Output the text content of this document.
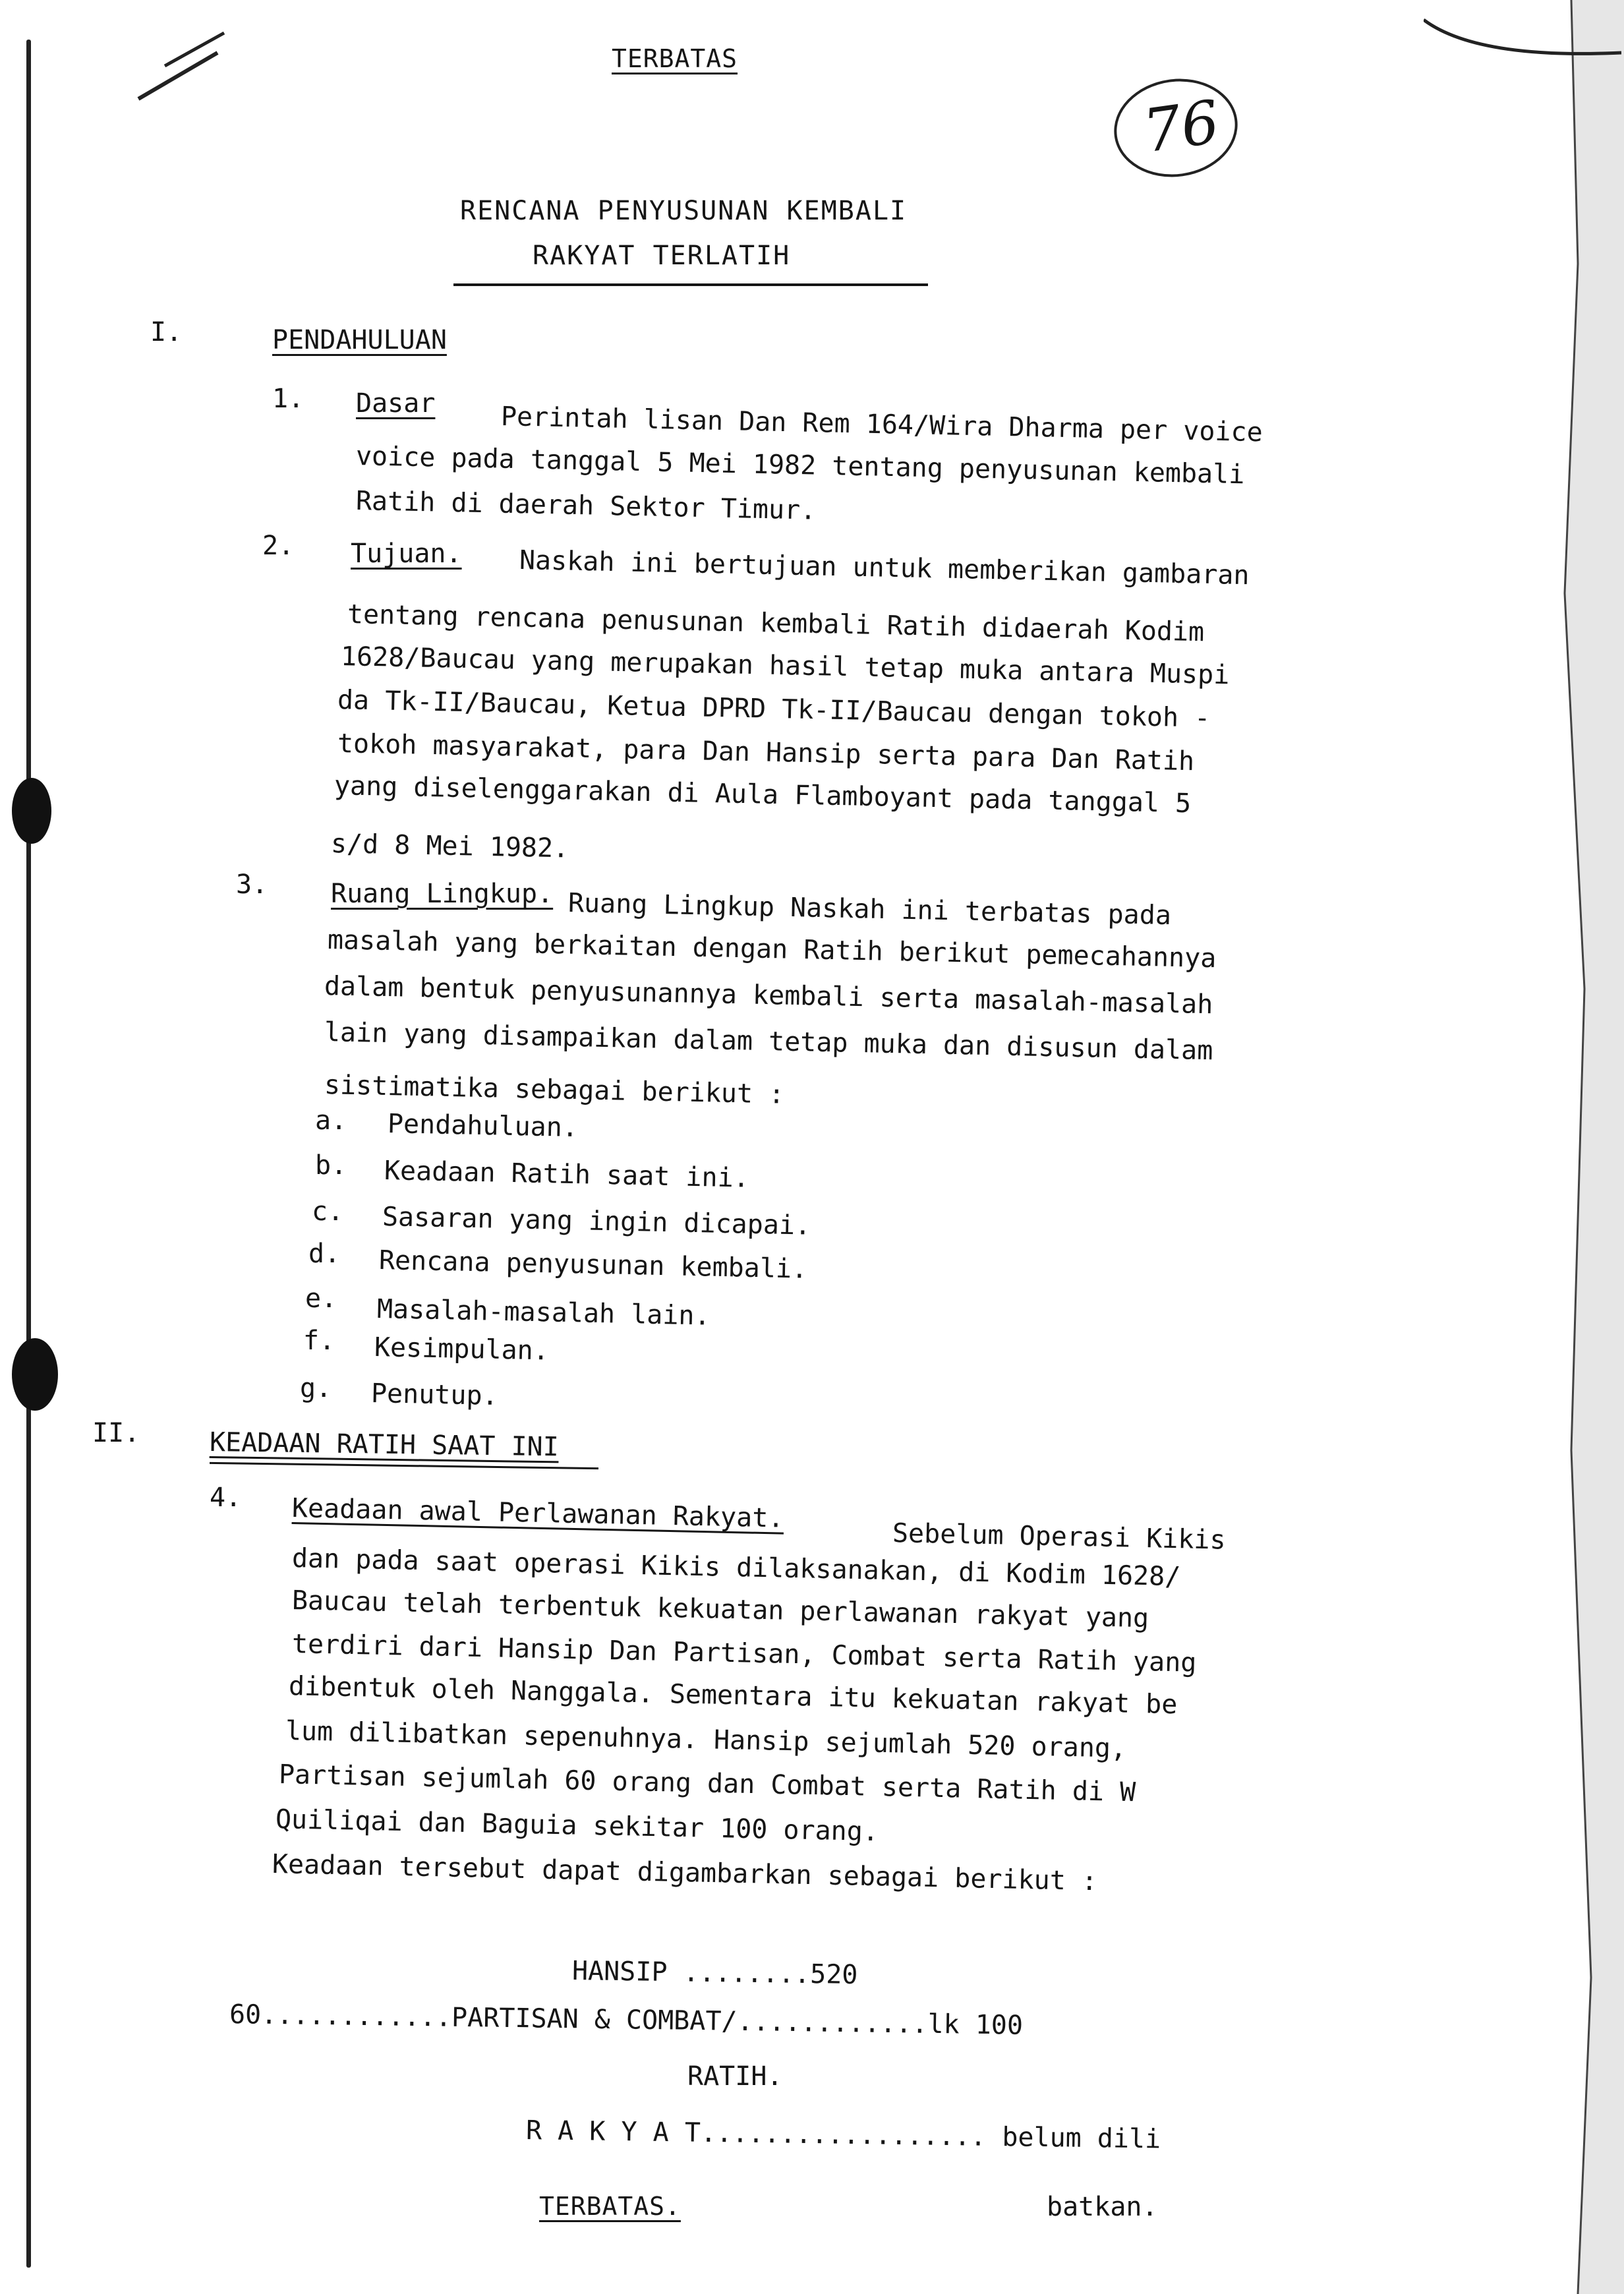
TERBATAS
76
RENCANA PENYUSUNAN KEMBALI
RAKYAT TERLATIH
I.	PENDAHULUAN
1. Dasar Perintah lisan Dan Rem 164/Wira Dharma per voice
voice pada tanggal 5 Mei 1982 tentang penyusunan kembali
Ratih di daerah Sektor Timur.
2. Tujuan. Naskah ini bertujuan untuk memberikan gambaran
tentang rencana penusunan kembali Ratih didaerah Kodim
1628/Baucau yang merupakan hasil tetap muka antara Muspi
da Tk-II/Baucau, Ketua DPRD Tk-II/Baucau dengan tokoh -
tokoh masyarakat, para Dan Hansip serta para Dan Ratih
yang diselenggarakan di Aula Flamboyant pada tanggal 5
s/d 8 Mei 1982.
3. Ruang Lingkup. Ruang Lingkup Naskah ini terbatas pada
masalah yang berkaitan dengan Ratih berikut pemecahannya
dalam bentuk penyusunannya kembali serta masalah-masalah
lain yang disampaikan dalam tetap muka dan disusun dalam
sistimatika sebagai berikut :
a. Pendahuluan.
b. Keadaan Ratih saat ini.
c. Sasaran yang ingin dicapai.
d. Rencana penyusunan kembali.
e. Masalah-masalah lain.
f. Kesimpulan.
g. Penutup.
II.	KEADAAN RATIH SAAT INI
4. Keadaan awal Perlawanan Rakyat.
Sebelum Operasi Kikis
dan pada saat operasi Kikis dilaksanakan, di Kodim 1628/
Baucau telah terbentuk kekuatan perlawanan rakyat yang
terdiri dari Hansip Dan Partisan, Combat serta Ratih yang
dibentuk oleh Nanggala. Sementara itu kekuatan rakyat be
lum dilibatkan sepenuhnya. Hansip sejumlah 520 orang,
Partisan sejumlah 60 orang dan Combat serta Ratih di W
Quiliqai dan Baguia sekitar 100 orang.
Keadaan tersebut dapat digambarkan sebagai berikut :
HANSIP ........520
60............PARTISAN & COMBAT/............lk 100
RATIH.
R A K Y A T.................. belum dili
batkan.
TERBATAS.
